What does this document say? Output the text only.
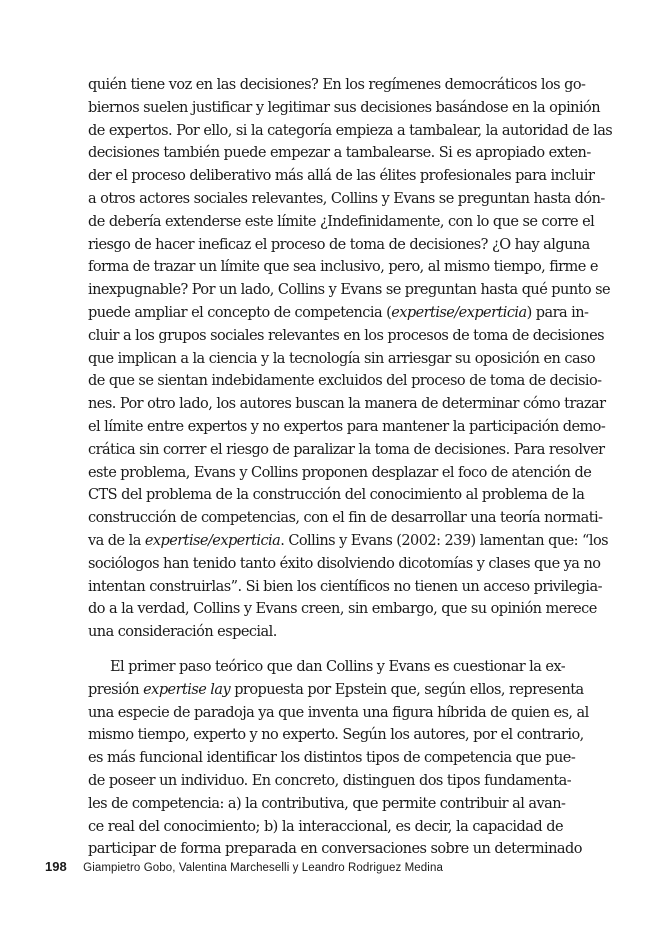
quién tiene voz en las decisiones? En los regímenes democráticos los go-
biernos suelen justificar y legitimar sus decisiones basándose en la opinión
de expertos. Por ello, si la categoría empieza a tambalear, la autoridad de las
decisiones también puede empezar a tambalearse. Si es apropiado exten-
der el proceso deliberativo más allá de las élites profesionales para incluir
a otros actores sociales relevantes, Collins y Evans se preguntan hasta dón-
de debería extenderse este límite ¿Indefinidamente, con lo que se corre el
riesgo de hacer ineficaz el proceso de toma de decisiones? ¿O hay alguna
forma de trazar un límite que sea inclusivo, pero, al mismo tiempo, firme e
inexpugnable? Por un lado, Collins y Evans se preguntan hasta qué punto se
puede ampliar el concepto de competencia (expertise/experticia) para in-
cluir a los grupos sociales relevantes en los procesos de toma de decisiones
que implican a la ciencia y la tecnología sin arriesgar su oposición en caso
de que se sientan indebidamente excluidos del proceso de toma de decisio-
nes. Por otro lado, los autores buscan la manera de determinar cómo trazar
el límite entre expertos y no expertos para mantener la participación demo-
crática sin correr el riesgo de paralizar la toma de decisiones. Para resolver
este problema, Evans y Collins proponen desplazar el foco de atención de
CTS del problema de la construcción del conocimiento al problema de la
construcción de competencias, con el fin de desarrollar una teoría normati-
va de la expertise/experticia. Collins y Evans (2002: 239) lamentan que: “los
sociólogos han tenido tanto éxito disolviendo dicotomías y clases que ya no
intentan construirlas”. Si bien los científicos no tienen un acceso privilegia-
do a la verdad, Collins y Evans creen, sin embargo, que su opinión merece
una consideración especial.
El primer paso teórico que dan Collins y Evans es cuestionar la ex-
presión expertise lay propuesta por Epstein que, según ellos, representa
una especie de paradoja ya que inventa una figura híbrida de quien es, al
mismo tiempo, experto y no experto. Según los autores, por el contrario,
es más funcional identificar los distintos tipos de competencia que pue-
de poseer un individuo. En concreto, distinguen dos tipos fundamenta-
les de competencia: a) la contributiva, que permite contribuir al avan-
ce real del conocimiento; b) la interaccional, es decir, la capacidad de
participar de forma preparada en conversaciones sobre un determinado
198 Giampietro Gobo, Valentina Marcheselli y Leandro Rodriguez Medina
